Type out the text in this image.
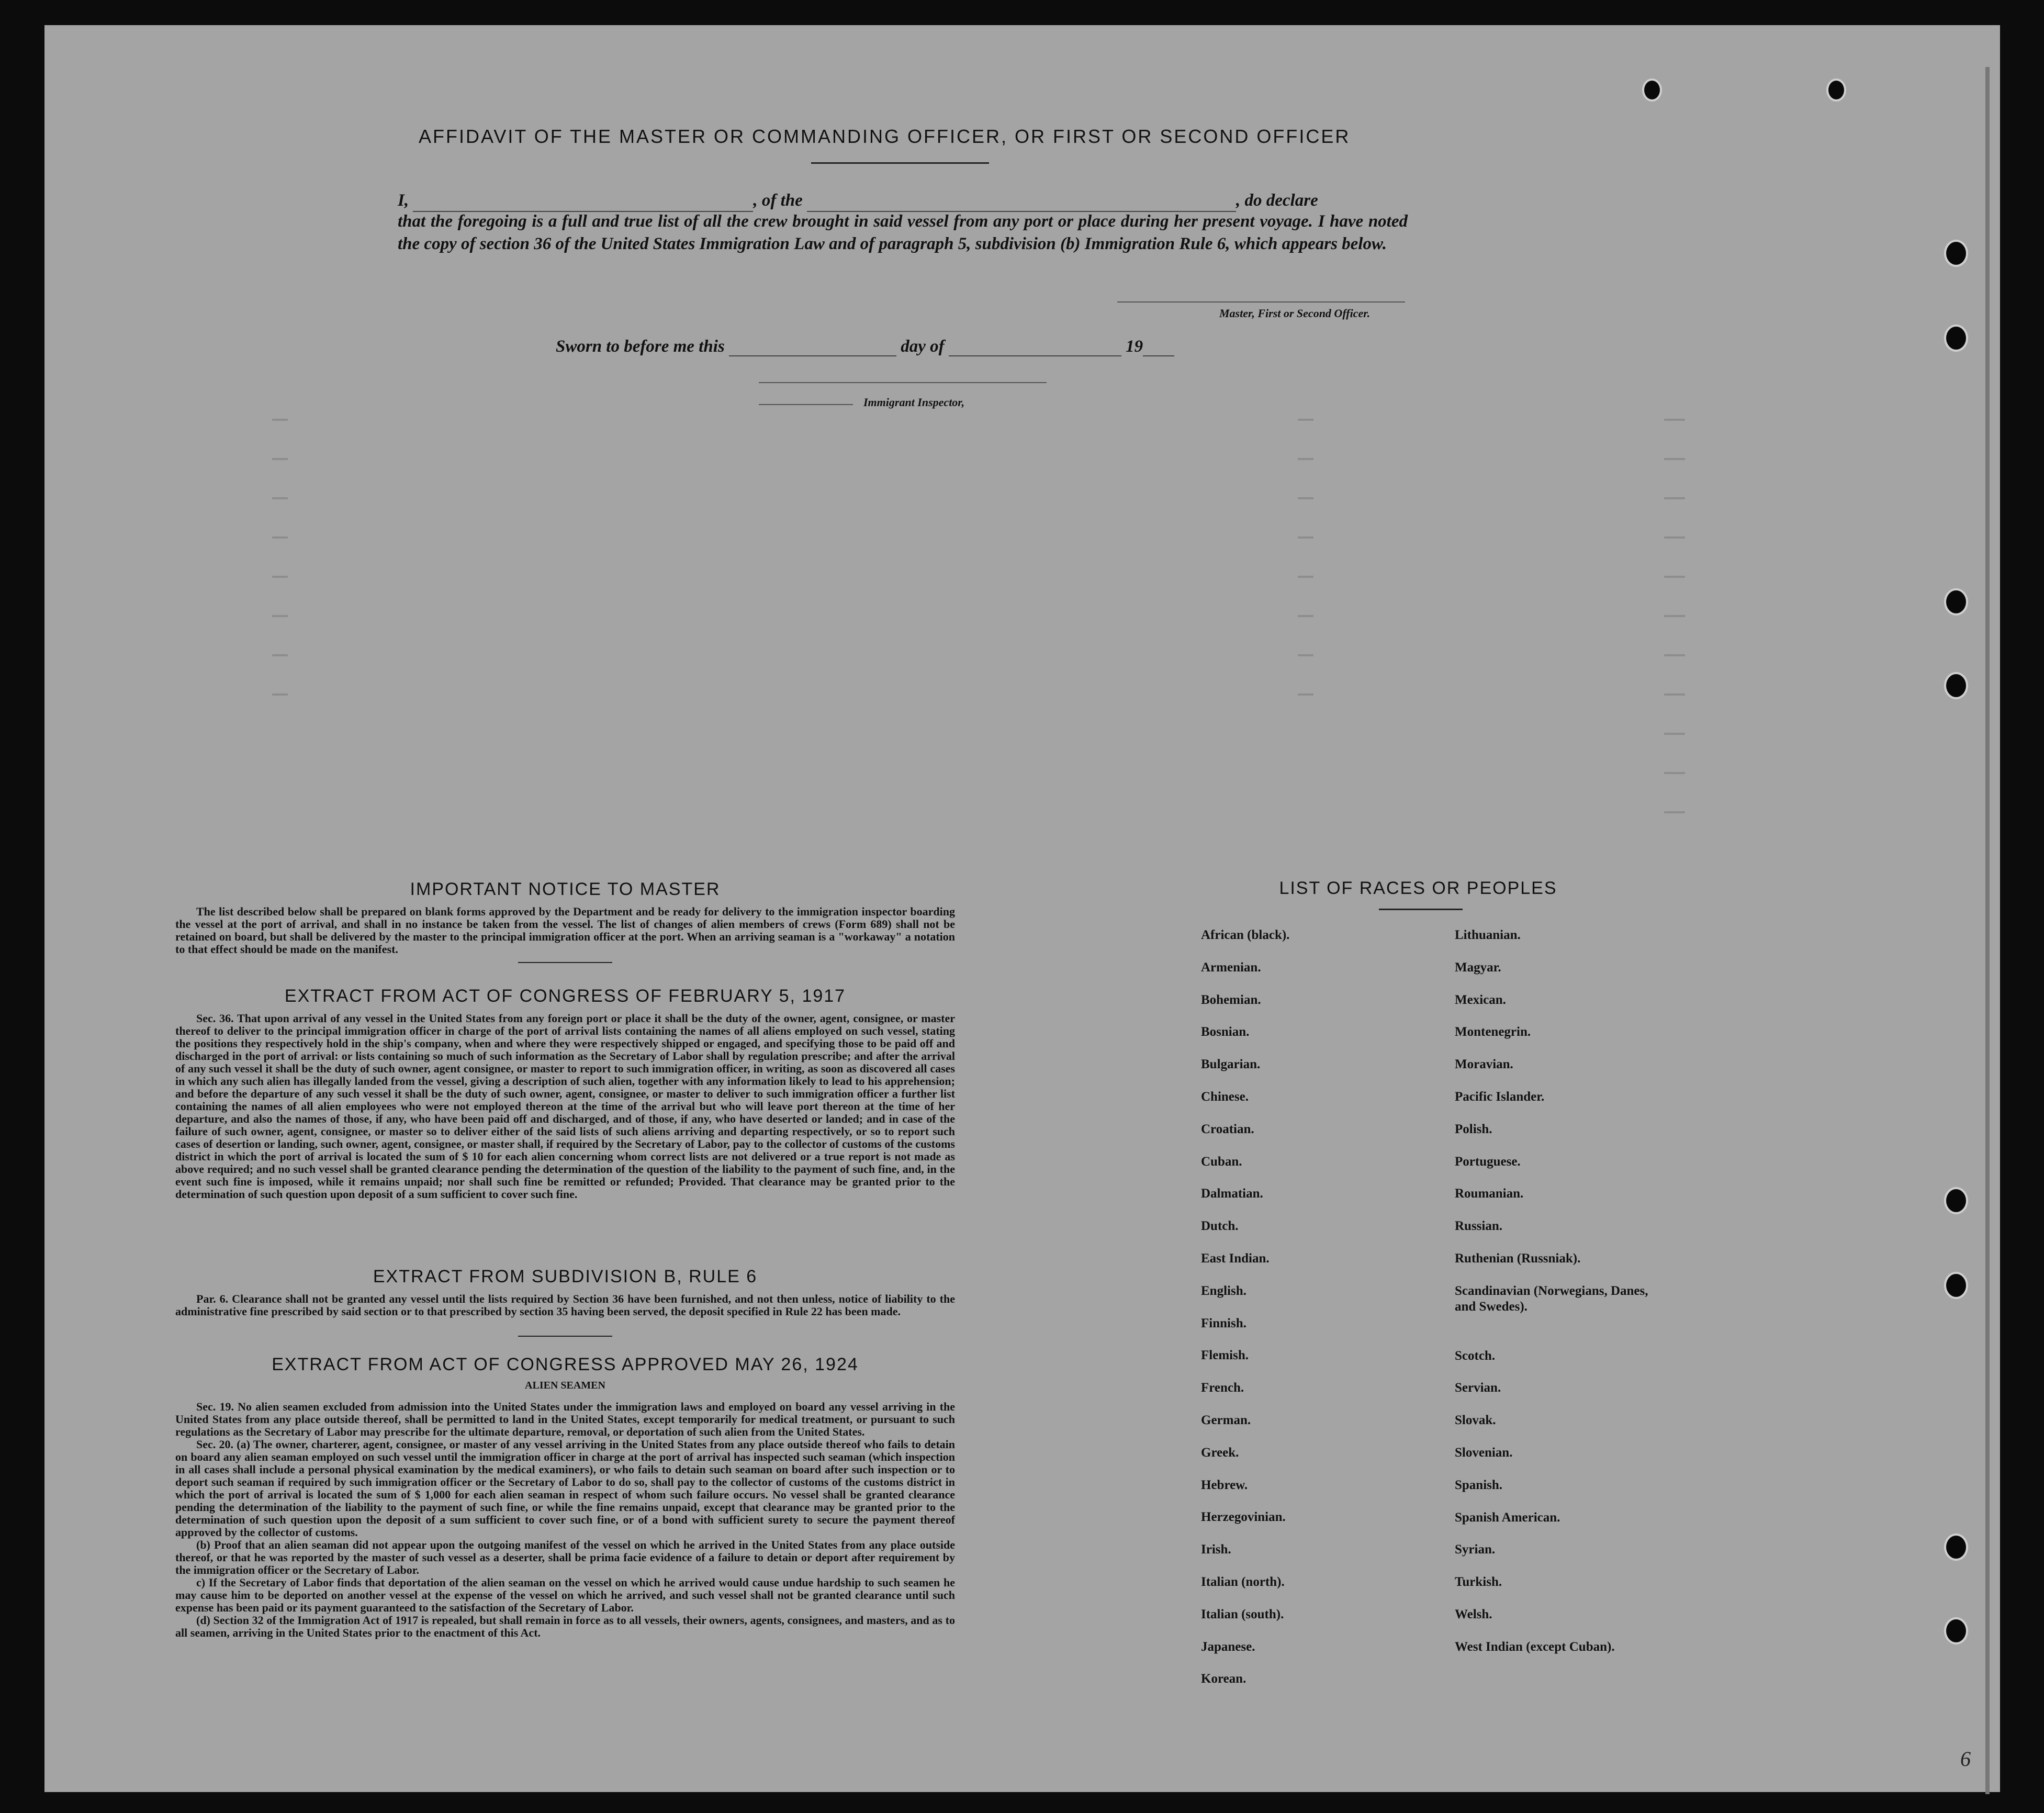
AFFIDAVIT OF THE MASTER OR COMMANDING OFFICER, OR FIRST OR SECOND OFFICER
I,	, of the	, do declare
that the foregoing is a full and true list of all the crew brought in said vessel from any port or place during her present voyage. I have noted the copy of section 36 of the United States Immigration Law and of paragraph 5, subdivision (b) Immigration Rule 6, which appears below.
Master, First or Second Officer.
Sworn to before me this	day of	19
Immigrant Inspector,
IMPORTANT NOTICE TO MASTER

The list described below shall be prepared on blank forms approved by the Department and be ready for delivery to the immigration inspector boarding the vessel at the port of arrival, and shall in no instance be taken from the vessel. The list of changes of alien members of crews (Form 689) shall not be retained on board, but shall be delivered by the master to the principal immigration officer at the port. When an arriving seaman is a "workaway" a notation to that effect should be made on the manifest.

EXTRACT FROM ACT OF CONGRESS OF FEBRUARY 5, 1917

Sec. 36. That upon arrival of any vessel in the United States from any foreign port or place it shall be the duty of the owner, agent, consignee, or master thereof to deliver to the principal immigration officer in charge of the port of arrival lists containing the names of all aliens employed on such vessel, stating the positions they respectively hold in the ship's company, when and where they were respectively shipped or engaged, and specifying those to be paid off and discharged in the port of arrival: or lists containing so much of such information as the Secretary of Labor shall by regulation prescribe; and after the arrival of any such vessel it shall be the duty of such owner, agent consignee, or master to report to such immigration officer, in writing, as soon as discovered all cases in which any such alien has illegally landed from the vessel, giving a description of such alien, together with any information likely to lead to his apprehension; and before the departure of any such vessel it shall be the duty of such owner, agent, consignee, or master to deliver to such immigration officer a further list containing the names of all alien employees who were not employed thereon at the time of the arrival but who will leave port thereon at the time of her departure, and also the names of those, if any, who have been paid off and discharged, and of those, if any, who have deserted or landed; and in case of the failure of such owner, agent, consignee, or master so to deliver either of the said lists of such aliens arriving and departing respectively, or so to report such cases of desertion or landing, such owner, agent, consignee, or master shall, if required by the Secretary of Labor, pay to the collector of customs of the customs district in which the port of arrival is located the sum of $ 10 for each alien concerning whom correct lists are not delivered or a true report is not made as above required; and no such vessel shall be granted clearance pending the determination of the question of the liability to the payment of such fine, and, in the event such fine is imposed, while it remains unpaid; nor shall such fine be remitted or refunded; Provided. That clearance may be granted prior to the determination of such question upon deposit of a sum sufficient to cover such fine.

EXTRACT FROM SUBDIVISION B, RULE 6

Par. 6. Clearance shall not be granted any vessel until the lists required by Section 36 have been furnished, and not then unless, notice of liability to the administrative fine prescribed by said section or to that prescribed by section 35 having been served, the deposit specified in Rule 22 has been made.

EXTRACT FROM ACT OF CONGRESS APPROVED MAY 26, 1924
ALIEN SEAMEN

Sec. 19. No alien seamen excluded from admission into the United States under the immigration laws and employed on board any vessel arriving in the United States from any place outside thereof, shall be permitted to land in the United States, except temporarily for medical treatment, or pursuant to such regulations as the Secretary of Labor may prescribe for the ultimate departure, removal, or deportation of such alien from the United States.

Sec. 20. (a) The owner, charterer, agent, consignee, or master of any vessel arriving in the United States from any place outside thereof who fails to detain on board any alien seaman employed on such vessel until the immigration officer in charge at the port of arrival has inspected such seaman (which inspection in all cases shall include a personal physical examination by the medical examiners), or who fails to detain such seaman on board after such inspection or to deport such seaman if required by such immigration officer or the Secretary of Labor to do so, shall pay to the collector of customs of the customs district in which the port of arrival is located the sum of $ 1,000 for each alien seaman in respect of whom such failure occurs. No vessel shall be granted clearance pending the determination of the liability to the payment of such fine, or while the fine remains unpaid, except that clearance may be granted prior to the determination of such question upon the deposit of a sum sufficient to cover such fine, or of a bond with sufficient surety to secure the payment thereof approved by the collector of customs.

(b) Proof that an alien seaman did not appear upon the outgoing manifest of the vessel on which he arrived in the United States from any place outside thereof, or that he was reported by the master of such vessel as a deserter, shall be prima facie evidence of a failure to detain or deport after requirement by the immigration officer or the Secretary of Labor.

c) If the Secretary of Labor finds that deportation of the alien seaman on the vessel on which he arrived would cause undue hardship to such seamen he may cause him to be deported on another vessel at the expense of the vessel on which he arrived, and such vessel shall not be granted clearance until such expense has been paid or its payment guaranteed to the satisfaction of the Secretary of Labor.

(d) Section 32 of the Immigration Act of 1917 is repealed, but shall remain in force as to all vessels, their owners, agents, consignees, and masters, and as to all seamen, arriving in the United States prior to the enactment of this Act.

LIST OF RACES OR PEOPLES
African (black).
Armenian.
Bohemian.
Bosnian.
Bulgarian.
Chinese.
Croatian.
Cuban.
Dalmatian.
Dutch.
East Indian.
English.
Finnish.
Flemish.
French.
German.
Greek.
Hebrew.
Herzegovinian.
Irish.
Italian (north).
Italian (south).
Japanese.
Korean.
Lithuanian.
Magyar.
Mexican.
Montenegrin.
Moravian.
Pacific Islander.
Polish.
Portuguese.
Roumanian.
Russian.
Ruthenian (Russniak).
Scandinavian (Norwegians, Danes, and Swedes).
Scotch.
Servian.
Slovak.
Slovenian.
Spanish.
Spanish American.
Syrian.
Turkish.
Welsh.
West Indian (except Cuban).
6
